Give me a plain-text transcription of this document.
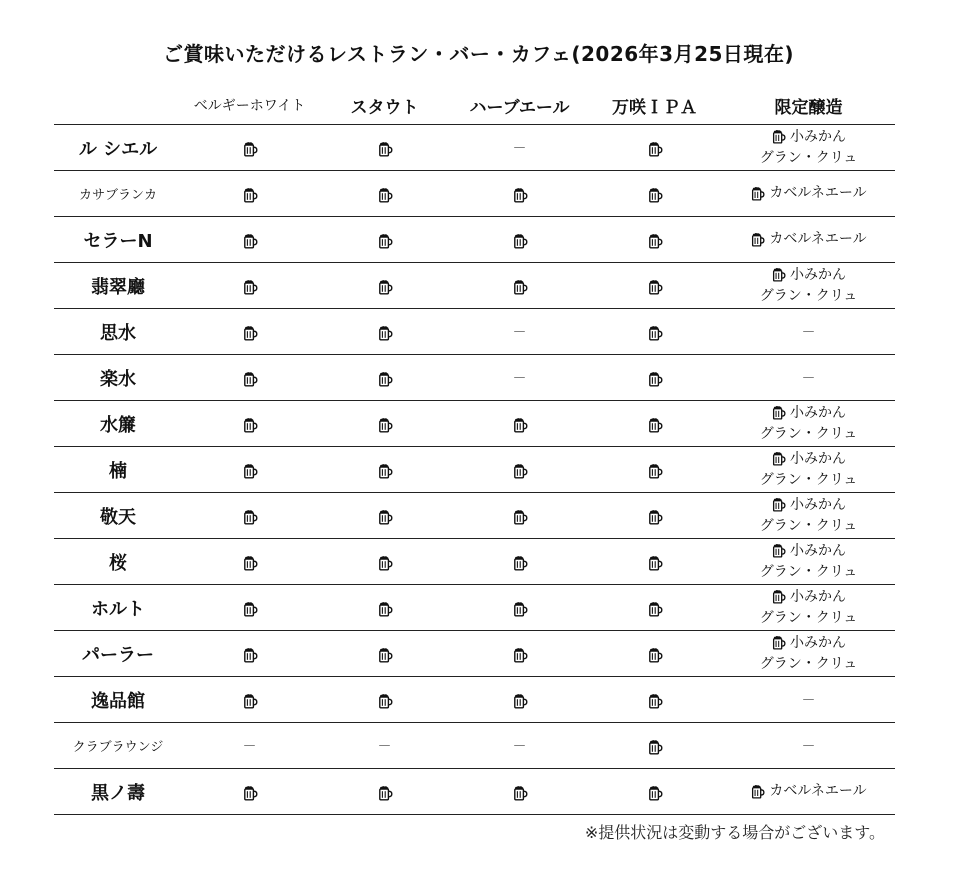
ご賞味いただけるレストラン・バー・カフェ(2026年3月25日現在)
	ベルギーホワイト	スタウト	ハーブエール	万咲ＩＰＡ	限定醸造
ル シエル			－		小みかん
グラン・クリュ

カサブランカ					カベルネエール

セラーN					カベルネエール

翡翠廳					小みかん
グラン・クリュ

思水			－		－
楽水			－		－
水簾					小みかん
グラン・クリュ

楠					小みかん
グラン・クリュ

敬天					小みかん
グラン・クリュ

桜					小みかん
グラン・クリュ

ホルト					小みかん
グラン・クリュ

パーラー					小みかん
グラン・クリュ

逸品館					－
クラブラウンジ	－	－	－		－
黒ノ壽					カベルネエール
※提供状況は変動する場合がございます。
